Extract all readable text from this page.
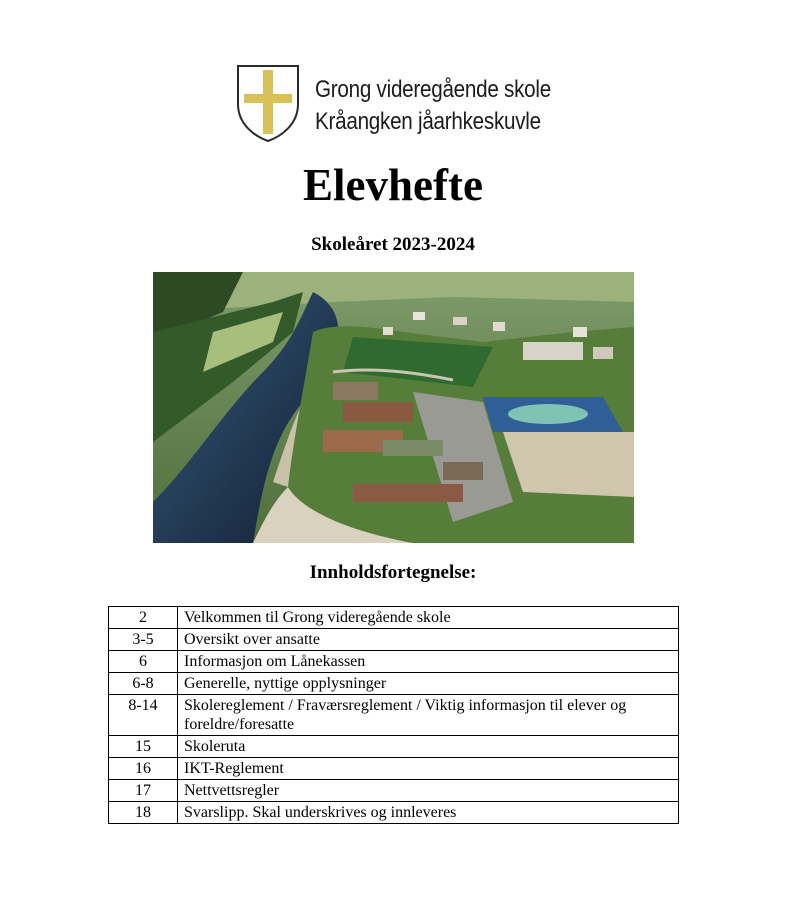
Grong videregående skole
Kråangken jåarhkeskuvle
Elevhefte
Skoleåret 2023-2024
Innholdsfortegnelse:
2	Velkommen til Grong videregående skole
3-5	Oversikt over ansatte
6	Informasjon om Lånekassen
6-8	Generelle, nyttige opplysninger
8-14	Skolereglement / Fraværsreglement / Viktig informasjon til elever og foreldre/foresatte
15	Skoleruta
16	IKT-Reglement
17	Nettvettsregler
18	Svarslipp. Skal underskrives og innleveres
